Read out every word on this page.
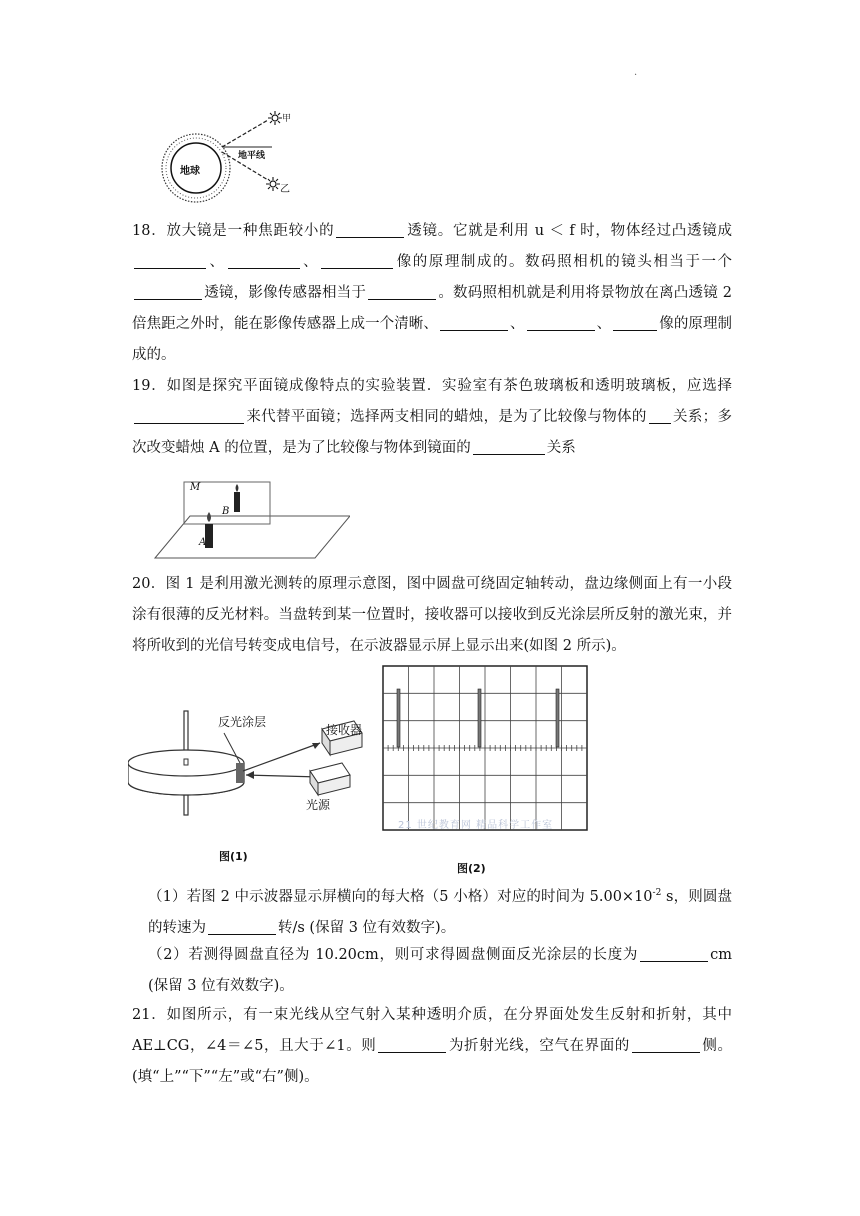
·
地球
地平线
甲
乙

18．放大镜是一种焦距较小的	透镜。它就是利用 u ＜ f 时，物体经过凸透镜成、	、	像的原理制成的。数码照相机的镜头相当于一个透镜，影像传感器相当于	。数码照相机就是利用将景物放在离凸透镜 2 倍焦距之外时，能在影像传感器上成一个清晰、	、	、	像的原理制成的。

19．如图是探究平面镜成像特点的实验装置．实验室有茶色玻璃板和透明玻璃板，应选择来代替平面镜；选择两支相同的蜡烛，是为了比较像与物体的 关系；多次改变蜡烛 A 的位置，是为了比较像与物体到镜面的	关系

M
B
A

20．图 1 是利用激光测转的原理示意图，图中圆盘可绕固定轴转动，盘边缘侧面上有一小段涂有很薄的反光材料。当盘转到某一位置时，接收器可以接收到反光涂层所反射的激光束，并将所收到的光信号转变成电信号，在示波器显示屏上显示出来(如图 2 所示)。

反光涂层
接收器
光源
图(1)
21 世纪教育网 精品科学工作室
图(2)

（1）若图 2 中示波器显示屏横向的每大格（5 小格）对应的时间为 $5.00\times 10^{-2}$ s，则圆盘的转速为	转/s (保留 3 位有效数字)。

（2）若测得圆盘直径为 10.20cm，则可求得圆盘侧面反光涂层的长度为	cm (保留 3 位有效数字)。

21．如图所示，有一束光线从空气射入某种透明介质，在分界面处发生反射和折射，其中 AE⊥CG，∠4＝∠5，且大于∠1。则	为折射光线，空气在界面的	侧。(填“上”“下”“左”或“右”侧)。
